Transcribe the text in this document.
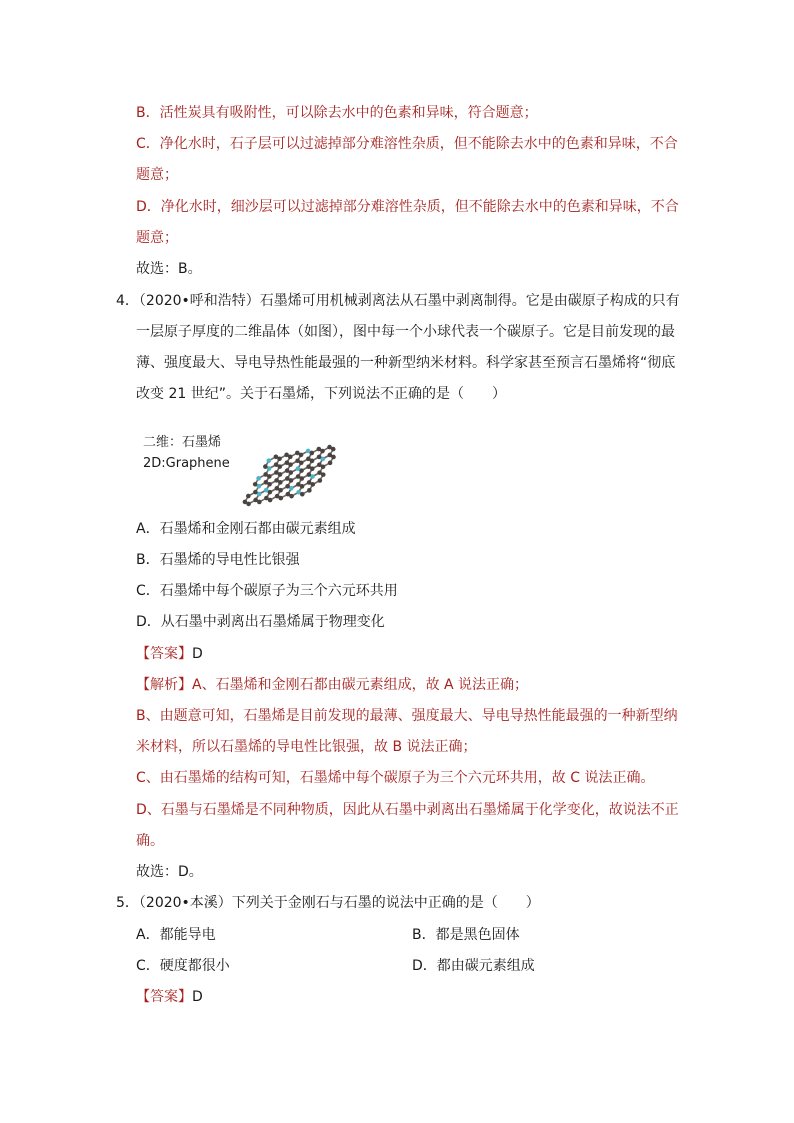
B．活性炭具有吸附性，可以除去水中的色素和异味，符合题意；
C．净化水时，石子层可以过滤掉部分难溶性杂质，但不能除去水中的色素和异味，不合
题意；
D．净化水时，细沙层可以过滤掉部分难溶性杂质，但不能除去水中的色素和异味，不合
题意；
故选：B。
4．（2020•呼和浩特）石墨烯可用机械剥离法从石墨中剥离制得。它是由碳原子构成的只有
一层原子厚度的二维晶体（如图），图中每一个小球代表一个碳原子。它是目前发现的最
薄、强度最大、导电导热性能最强的一种新型纳米材料。科学家甚至预言石墨烯将“彻底
改变 21 世纪”。关于石墨烯，下列说法不正确的是（　　）
二维：石墨烯
2D:Graphene
A．石墨烯和金刚石都由碳元素组成
B．石墨烯的导电性比银强
C．石墨烯中每个碳原子为三个六元环共用
D．从石墨中剥离出石墨烯属于物理变化
【答案】D
【解析】A、石墨烯和金刚石都由碳元素组成，故 A 说法正确；
B、由题意可知，石墨烯是目前发现的最薄、强度最大、导电导热性能最强的一种新型纳
米材料，所以石墨烯的导电性比银强，故 B 说法正确；
C、由石墨烯的结构可知，石墨烯中每个碳原子为三个六元环共用，故 C 说法正确。
D、石墨与石墨烯是不同种物质，因此从石墨中剥离出石墨烯属于化学变化，故说法不正
确。
故选：D。
5．（2020•本溪）下列关于金刚石与石墨的说法中正确的是（　　）
A．都能导电	B．都是黑色固体
C．硬度都很小	D．都由碳元素组成
【答案】D
